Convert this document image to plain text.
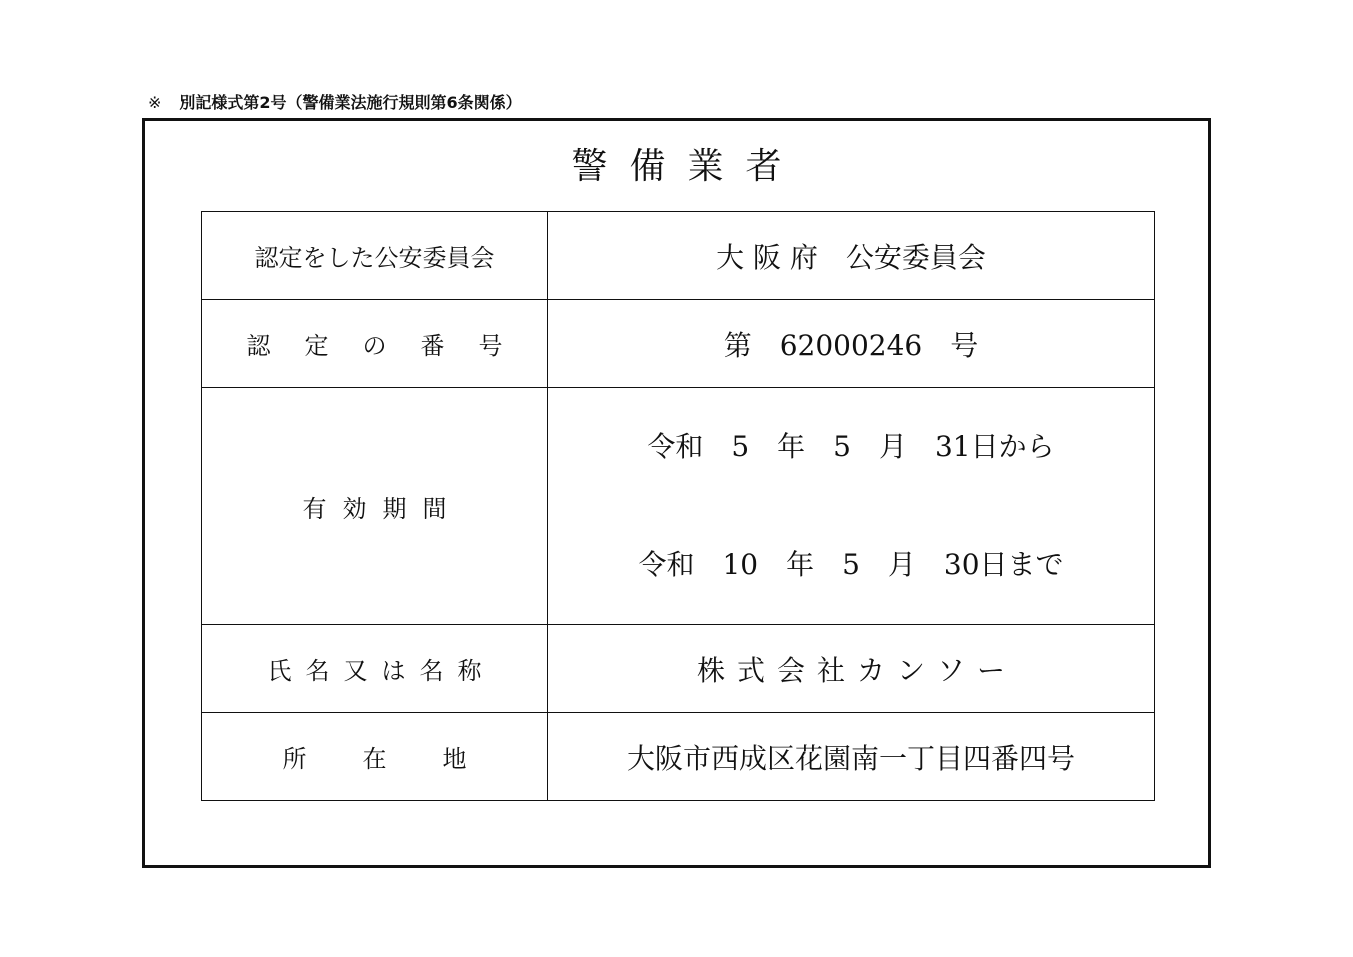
※ 別記様式第2号（警備業法施行規則第6条関係）
警備業者
認定をした公安委員会	大 阪 府　公安委員会
認定の番号	第　62000246　号
有効期間	令和　5　年　5　月　31日から
令和　10　年　5　月　30日まで

氏名又は名称	株式会社カンソー
所在地	大阪市西成区花園南一丁目四番四号
